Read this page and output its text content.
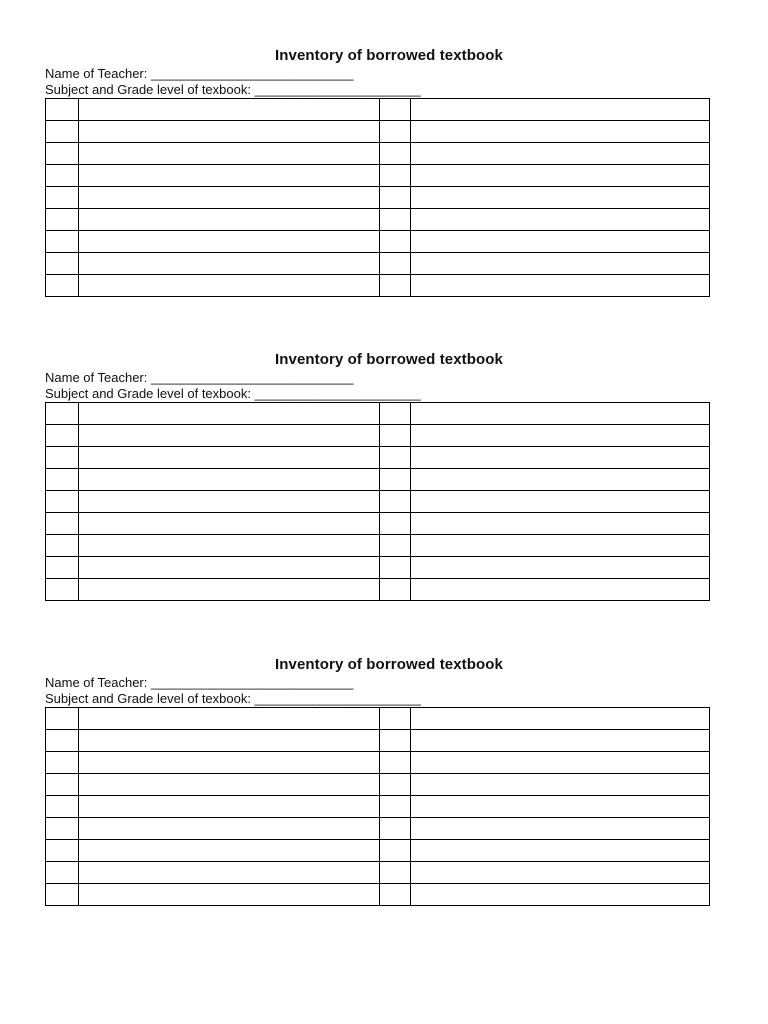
Inventory of borrowed textbook
Name of Teacher: ____________________________
Subject and Grade level of texbook: _______________________

Inventory of borrowed textbook
Name of Teacher: ____________________________
Subject and Grade level of texbook: _______________________

Inventory of borrowed textbook
Name of Teacher: ____________________________
Subject and Grade level of texbook: _______________________
